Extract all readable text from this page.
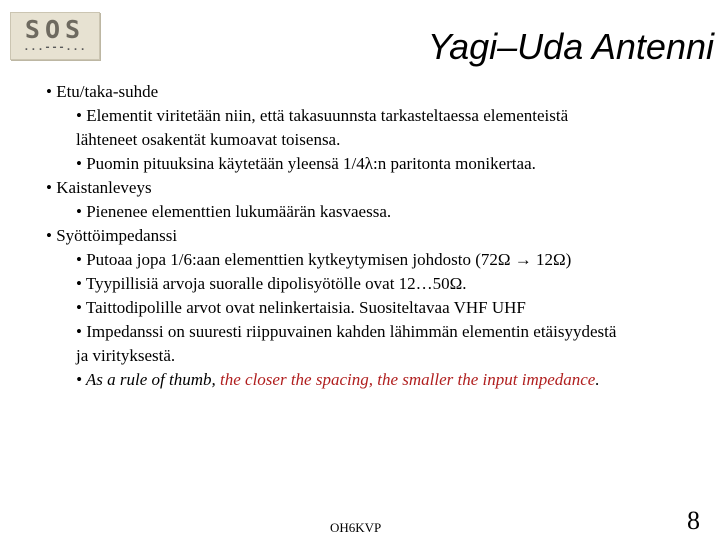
SOS
...---...	Yagi–Uda Antenni

• Etu/taka-suhde

• Elementit viritetään niin, että takasuunnsta tarkasteltaessa elementeistä lähteneet osakentät kumoavat toisensa.

• Puomin pituuksina käytetään yleensä 1/4λ:n paritonta monikertaa.

• Kaistanleveys

• Pienenee elementtien lukumäärän kasvaessa.

• Syöttöimpedanssi

• Putoaa jopa 1/6:aan elementtien kytkeytymisen johdosto (72Ω → 12Ω)

• Tyypillisiä arvoja suoralle dipolisyötölle ovat 12…50Ω.

• Taittodipolille arvot ovat nelinkertaisia. Suositeltavaa VHF UHF

• Impedanssi on suuresti riippuvainen kahden lähimmän elementin etäisyydestä ja virityksestä.

• As a rule of thumb, the closer the spacing, the smaller the input impedance.

OH6KVP	8
